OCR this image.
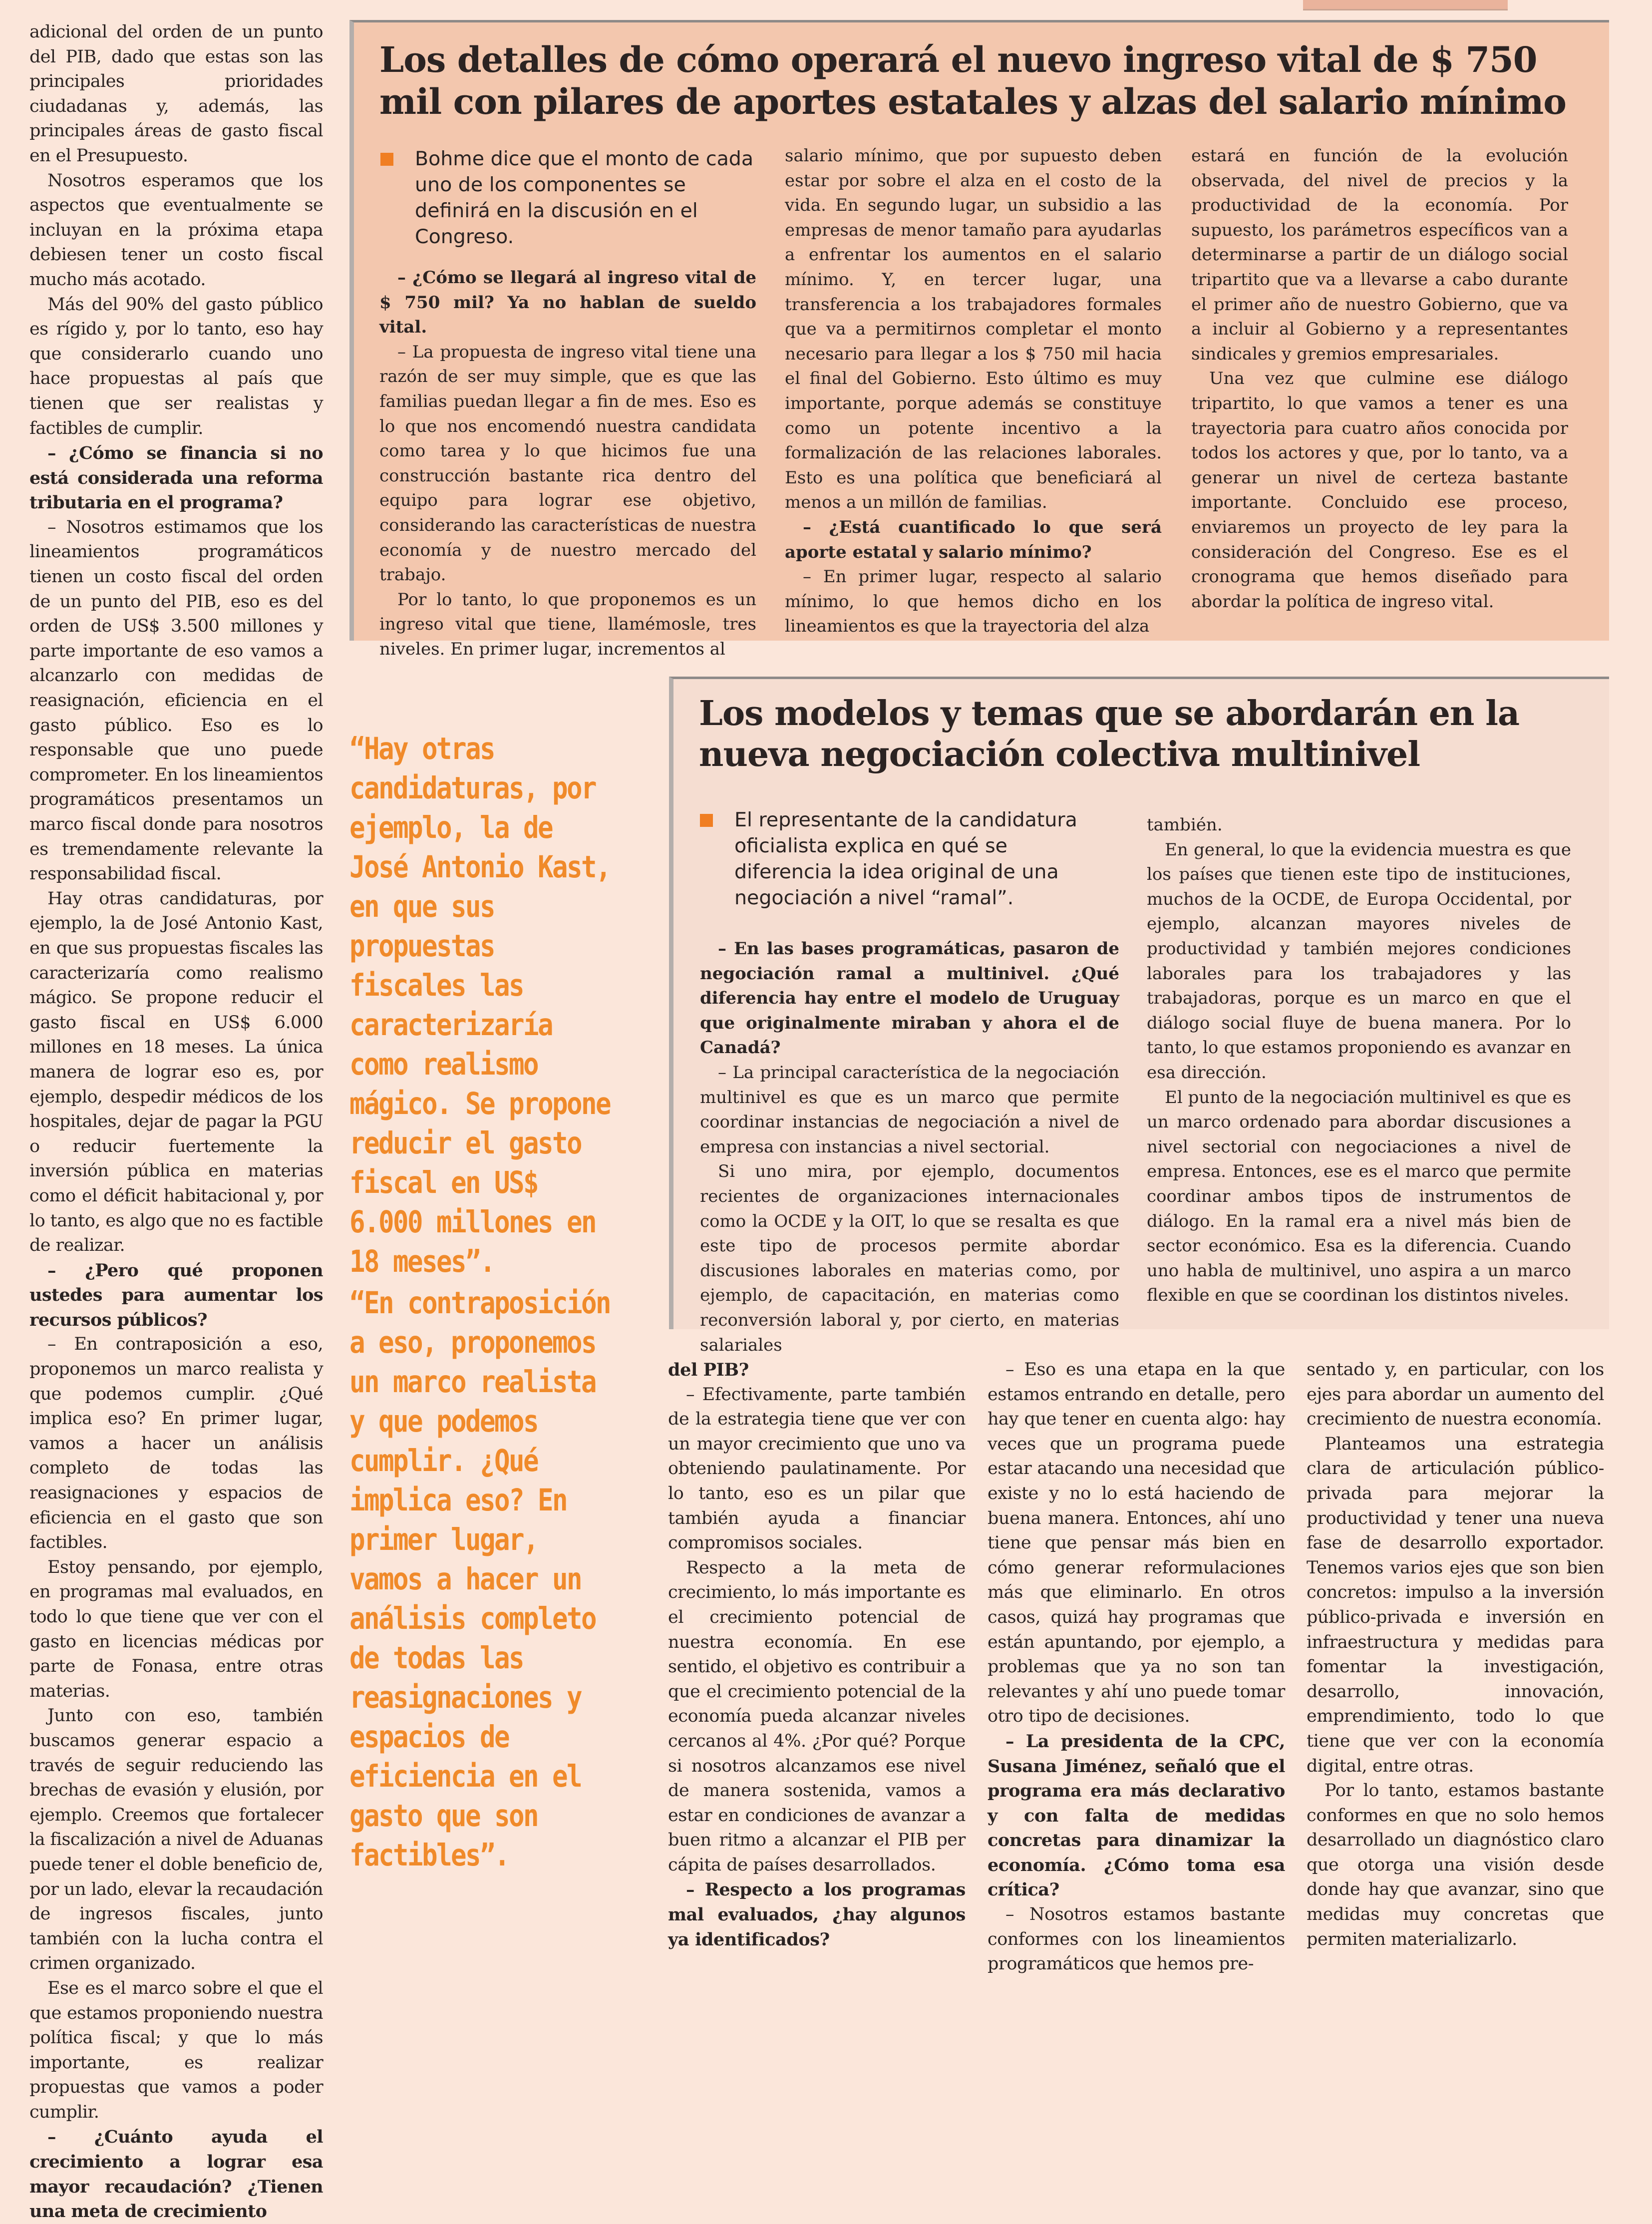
adicional del orden de un punto del PIB, dado que estas son las principales prioridades ciudadanas y, además, las principales áreas de gasto fiscal en el Presupuesto.

Nosotros esperamos que los aspectos que eventualmente se incluyan en la próxima etapa debiesen tener un costo fiscal mucho más acotado.

Más del 90% del gasto público es rígido y, por lo tanto, eso hay que considerarlo cuando uno hace propuestas al país que tienen que ser realistas y factibles de cumplir.

– ¿Cómo se financia si no está considerada una reforma tributaria en el programa?

– Nosotros estimamos que los lineamientos programáticos tienen un costo fiscal del orden de un punto del PIB, eso es del orden de US$ 3.500 millones y parte importante de eso vamos a alcanzarlo con medidas de reasignación, eficiencia en el gasto público. Eso es lo responsable que uno puede comprometer. En los lineamientos programáticos presentamos un marco fiscal donde para nosotros es tremendamente relevante la responsabilidad fiscal.

Hay otras candidaturas, por ejemplo, la de José Antonio Kast, en que sus propuestas fiscales las caracterizaría como realismo mágico. Se propone reducir el gasto fiscal en US$ 6.000 millones en 18 meses. La única manera de lograr eso es, por ejemplo, despedir médicos de los hospitales, dejar de pagar la PGU o reducir fuertemente la inversión pública en materias como el déficit habitacional y, por lo tanto, es algo que no es factible de realizar.

– ¿Pero qué proponen ustedes para aumentar los recursos públicos?

– En contraposición a eso, proponemos un marco realista y que podemos cumplir. ¿Qué implica eso? En primer lugar, vamos a hacer un análisis completo de todas las reasignaciones y espacios de eficiencia en el gasto que son factibles.

Estoy pensando, por ejemplo, en programas mal evaluados, en todo lo que tiene que ver con el gasto en licencias médicas por parte de Fonasa, entre otras materias.

Junto con eso, también buscamos generar espacio a través de seguir reduciendo las brechas de evasión y elusión, por ejemplo. Creemos que fortalecer la fiscalización a nivel de Aduanas puede tener el doble beneficio de, por un lado, elevar la recaudación de ingresos fiscales, junto también con la lucha contra el crimen organizado.

Ese es el marco sobre el que el que estamos proponiendo nuestra política fiscal; y que lo más importante, es realizar propuestas que vamos a poder cumplir.

– ¿Cuánto ayuda el crecimiento a lograr esa mayor recaudación? ¿Tienen una meta de crecimiento

Los detalles de cómo operará el nuevo ingreso vital de $ 750 mil con pilares de aportes estatales y alzas del salario mínimo
Bohme dice que el monto de cada uno de los componentes se definirá en la discusión en el Congreso.

– ¿Cómo se llegará al ingreso vital de $ 750 mil? Ya no hablan de sueldo vital.

– La propuesta de ingreso vital tiene una razón de ser muy simple, que es que las familias puedan llegar a fin de mes. Eso es lo que nos encomendó nuestra candidata como tarea y lo que hicimos fue una construcción bastante rica dentro del equipo para lograr ese objetivo, considerando las características de nuestra economía y de nuestro mercado del trabajo.

Por lo tanto, lo que proponemos es un ingreso vital que tiene, llamémosle, tres niveles. En primer lugar, incrementos al

salario mínimo, que por supuesto deben estar por sobre el alza en el costo de la vida. En segundo lugar, un subsidio a las empresas de menor tamaño para ayudarlas a enfrentar los aumentos en el salario mínimo. Y, en tercer lugar, una transferencia a los trabajadores formales que va a permitirnos completar el monto necesario para llegar a los $ 750 mil hacia el final del Gobierno. Esto último es muy importante, porque además se constituye como un potente incentivo a la formalización de las relaciones laborales. Esto es una política que beneficiará al menos a un millón de familias.

– ¿Está cuantificado lo que será aporte estatal y salario mínimo?

– En primer lugar, respecto al salario mínimo, lo que hemos dicho en los lineamientos es que la trayectoria del alza

estará en función de la evolución observada, del nivel de precios y la productividad de la economía. Por supuesto, los parámetros específicos van a determinarse a partir de un diálogo social tripartito que va a llevarse a cabo durante el primer año de nuestro Gobierno, que va a incluir al Gobierno y a representantes sindicales y gremios empresariales.

Una vez que culmine ese diálogo tripartito, lo que vamos a tener es una trayectoria para cuatro años conocida por todos los actores y que, por lo tanto, va a generar un nivel de certeza bastante importante. Concluido ese proceso, enviaremos un proyecto de ley para la consideración del Congreso. Ese es el cronograma que hemos diseñado para abordar la política de ingreso vital.

“Hay otras candidaturas, por ejemplo, la de José Antonio Kast, en que sus propuestas fiscales las caracterizaría como realismo mágico. Se propone reducir el gasto fiscal en US$ 6.000 millones en 18 meses”.
“En contraposición a eso, proponemos un marco realista y que podemos cumplir. ¿Qué implica eso? En primer lugar, vamos a hacer un análisis completo de todas las reasignaciones y espacios de eficiencia en el gasto que son factibles”.
Los modelos y temas que se abordarán en la nueva negociación colectiva multinivel
El representante de la candidatura oficialista explica en qué se diferencia la idea original de una negociación a nivel “ramal”.

– En las bases programáticas, pasaron de negociación ramal a multinivel. ¿Qué diferencia hay entre el modelo de Uruguay que originalmente miraban y ahora el de Canadá?

– La principal característica de la negociación multinivel es que es un marco que permite coordinar instancias de negociación a nivel de empresa con instancias a nivel sectorial.

Si uno mira, por ejemplo, documentos recientes de organizaciones internacionales como la OCDE y la OIT, lo que se resalta es que este tipo de procesos permite abordar discusiones laborales en materias como, por ejemplo, de capacitación, en materias como reconversión laboral y, por cierto, en materias salariales

también.

En general, lo que la evidencia muestra es que los países que tienen este tipo de instituciones, muchos de la OCDE, de Europa Occidental, por ejemplo, alcanzan mayores niveles de productividad y también mejores condiciones laborales para los trabajadores y las trabajadoras, porque es un marco en que el diálogo social fluye de buena manera. Por lo tanto, lo que estamos proponiendo es avanzar en esa dirección.

El punto de la negociación multinivel es que es un marco ordenado para abordar discusiones a nivel sectorial con negociaciones a nivel de empresa. Entonces, ese es el marco que permite coordinar ambos tipos de instrumentos de diálogo. En la ramal era a nivel más bien de sector económico. Esa es la diferencia. Cuando uno habla de multinivel, uno aspira a un marco flexible en que se coordinan los distintos niveles.

del PIB?

– Efectivamente, parte también de la estrategia tiene que ver con un mayor crecimiento que uno va obteniendo paulatinamente. Por lo tanto, eso es un pilar que también ayuda a financiar compromisos sociales.

Respecto a la meta de crecimiento, lo más importante es el crecimiento potencial de nuestra economía. En ese sentido, el objetivo es contribuir a que el crecimiento potencial de la economía pueda alcanzar niveles cercanos al 4%. ¿Por qué? Porque si nosotros alcanzamos ese nivel de manera sostenida, vamos a estar en condiciones de avanzar a buen ritmo a alcanzar el PIB per cápita de países desarrollados.

– Respecto a los programas mal evaluados, ¿hay algunos ya identificados?

– Eso es una etapa en la que estamos entrando en detalle, pero hay que tener en cuenta algo: hay veces que un programa puede estar atacando una necesidad que existe y no lo está haciendo de buena manera. Entonces, ahí uno tiene que pensar más bien en cómo generar reformulaciones más que eliminarlo. En otros casos, quizá hay programas que están apuntando, por ejemplo, a problemas que ya no son tan relevantes y ahí uno puede tomar otro tipo de decisiones.

– La presidenta de la CPC, Susana Jiménez, señaló que el programa era más declarativo y con falta de medidas concretas para dinamizar la economía. ¿Cómo toma esa crítica?

– Nosotros estamos bastante conformes con los lineamientos programáticos que hemos pre-

sentado y, en particular, con los ejes para abordar un aumento del crecimiento de nuestra economía.

Planteamos una estrategia clara de articulación público-privada para mejorar la productividad y tener una nueva fase de desarrollo exportador. Tenemos varios ejes que son bien concretos: impulso a la inversión público-privada e inversión en infraestructura y medidas para fomentar la investigación, desarrollo, innovación, emprendimiento, todo lo que tiene que ver con la economía digital, entre otras.

Por lo tanto, estamos bastante conformes en que no solo hemos desarrollado un diagnóstico claro que otorga una visión desde donde hay que avanzar, sino que medidas muy concretas que permiten materializarlo.
